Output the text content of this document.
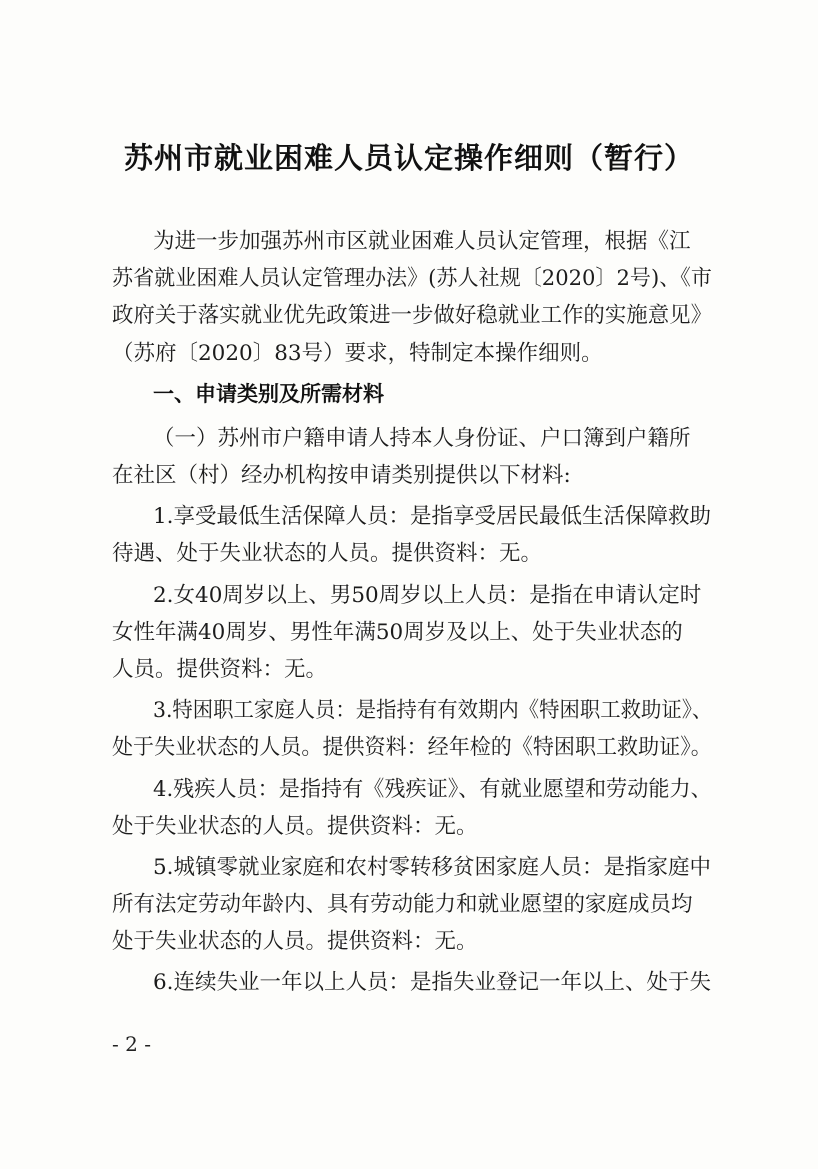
苏州市就业困难人员认定操作细则（暂行）
为进一步加强苏州市区就业困难人员认定管理，根据《江
苏省就业困难人员认定管理办法》(苏人社规〔2020〕2号)、《市
政府关于落实就业优先政策进一步做好稳就业工作的实施意见》
（苏府〔2020〕83号）要求，特制定本操作细则。
一、申请类别及所需材料
（一）苏州市户籍申请人持本人身份证、户口簿到户籍所
在社区（村）经办机构按申请类别提供以下材料:
1.享受最低生活保障人员：是指享受居民最低生活保障救助
待遇、处于失业状态的人员。提供资料：无。
2.女40周岁以上、男50周岁以上人员：是指在申请认定时
女性年满40周岁、男性年满50周岁及以上、处于失业状态的
人员。提供资料：无。
3.特困职工家庭人员：是指持有有效期内《特困职工救助证》、
处于失业状态的人员。提供资料：经年检的《特困职工救助证》。
4.残疾人员：是指持有《残疾证》、有就业愿望和劳动能力、
处于失业状态的人员。提供资料：无。
5.城镇零就业家庭和农村零转移贫困家庭人员：是指家庭中
所有法定劳动年龄内、具有劳动能力和就业愿望的家庭成员均
处于失业状态的人员。提供资料：无。
6.连续失业一年以上人员：是指失业登记一年以上、处于失
- 2 -
